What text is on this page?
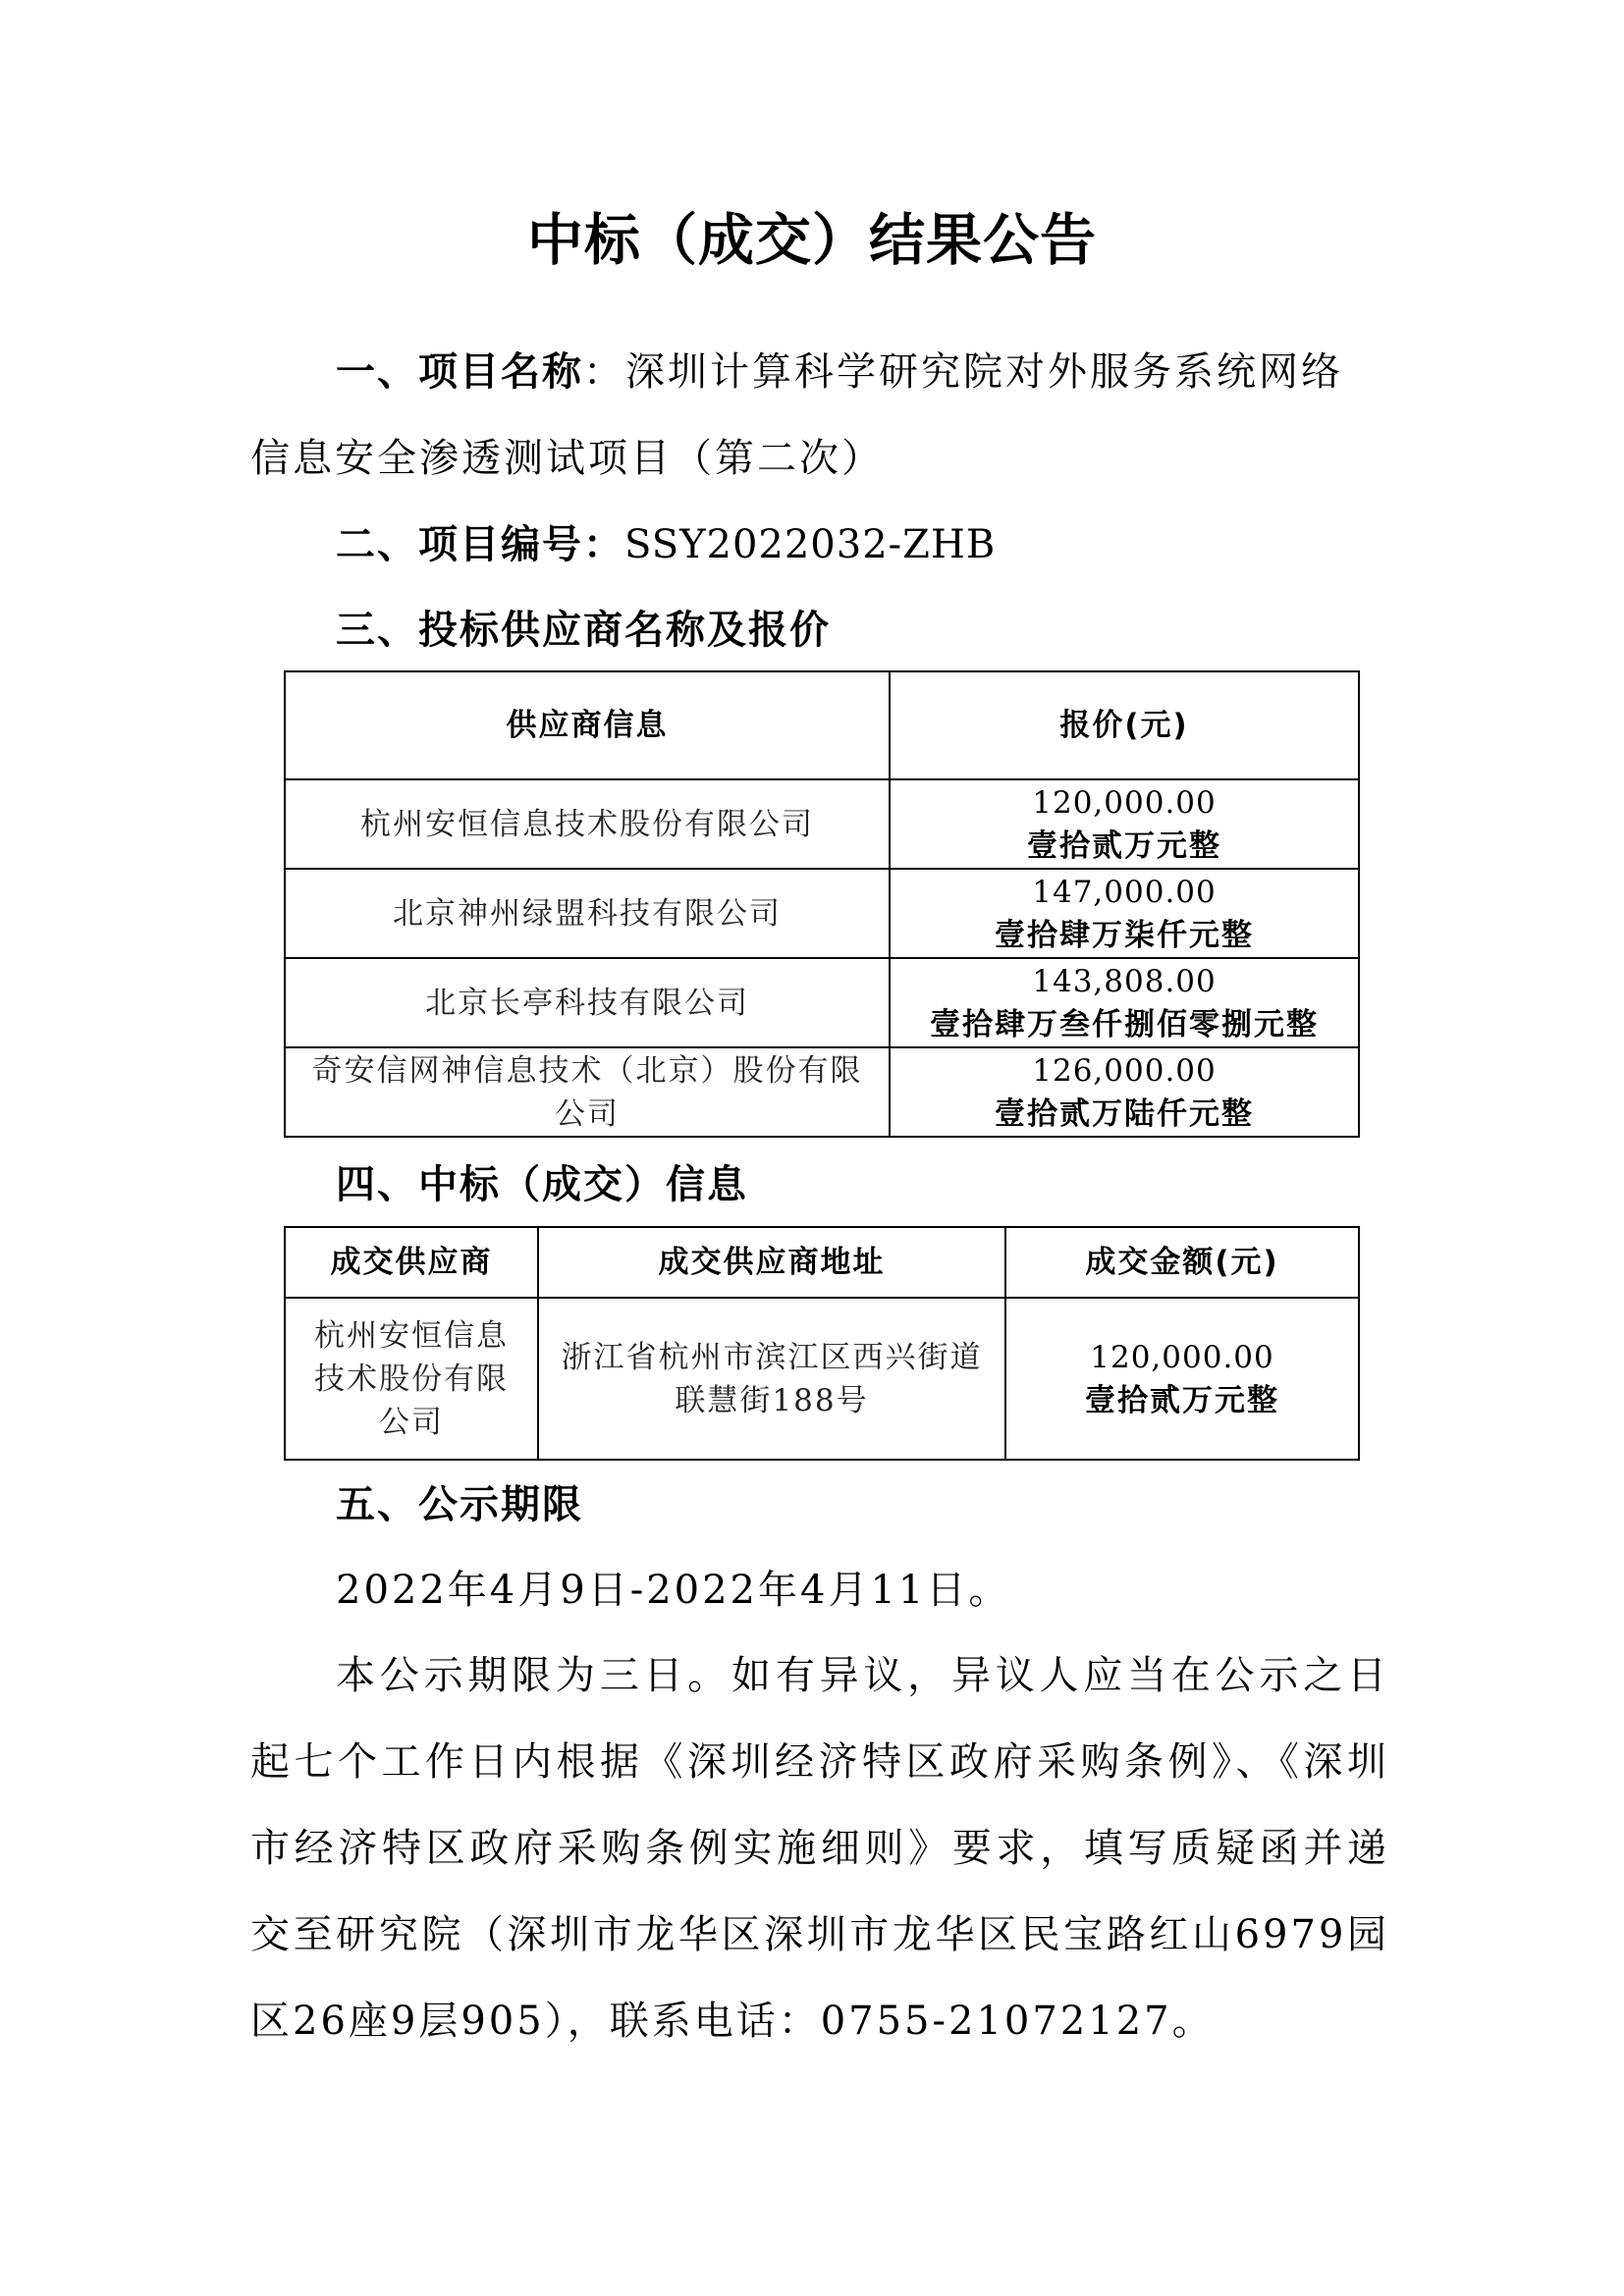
中标（成交）结果公告
一、项目名称：深圳计算科学研究院对外服务系统网络
信息安全渗透测试项目（第二次）
二、项目编号：SSY2022032-ZHB
三、投标供应商名称及报价
供应商信息	报价(元)
杭州安恒信息技术股份有限公司	120,000.00
壹拾贰万元整

北京神州绿盟科技有限公司	147,000.00
壹拾肆万柒仟元整

北京长亭科技有限公司	143,808.00
壹拾肆万叁仟捌佰零捌元整

奇安信网神信息技术（北京）股份有限公司	126,000.00
壹拾贰万陆仟元整
四、中标（成交）信息
成交供应商	成交供应商地址	成交金额(元)
杭州安恒信息技术股份有限公司	浙江省杭州市滨江区西兴街道联慧街188号	120,000.00
壹拾贰万元整
五、公示期限
2022年4月9日-2022年4月11日。
本公示期限为三日。如有异议，异议人应当在公示之日起七个工作日内根据《深圳经济特区政府采购条例》、《深圳市经济特区政府采购条例实施细则》要求，填写质疑函并递交至研究院（深圳市龙华区深圳市龙华区民宝路红山6979园区26座9层905），联系电话：0755-21072127。
